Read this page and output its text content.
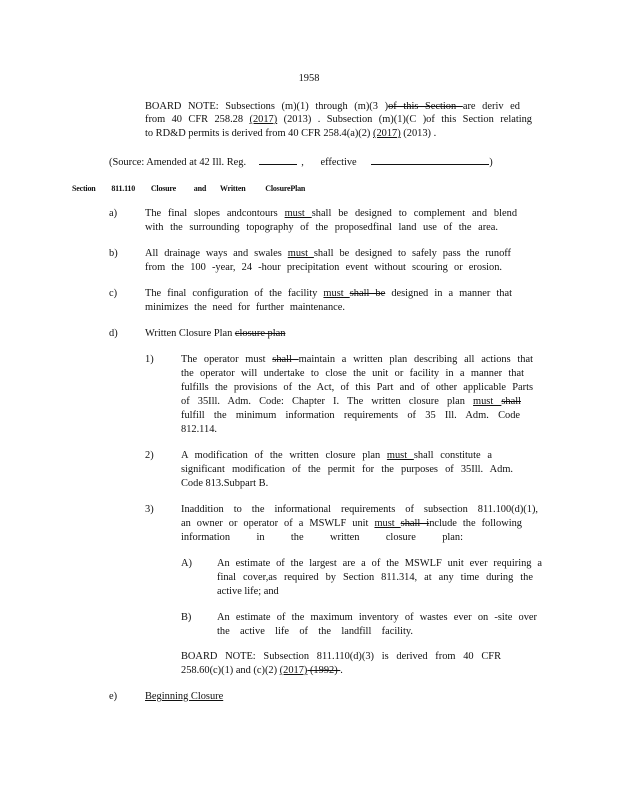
1958
BOARD NOTE: Subsections (m)(1) through (m)(3 )of this Section are deriv ed
from 40 CFR 258.28 (2017) (2013) . Subsection (m)(1)(C )of this Section relating
to RD&D permits is derived from 40 CFR 258.4(a)(2) (2017) (2013) .
(Source: Amended at 42 Ill. Reg.	, effective	)
Section 811.110 Closure and Written ClosurePlan
a)	The final slopes andcontours must shall be designed to complement and blend
with the surrounding topography of the proposedfinal land use of the area.
b)	All drainage ways and swales must shall be designed to safely pass the runoff
from the 100 -year, 24 -hour precipitation event without scouring or erosion.
c)	The final configuration of the facility must shall be designed in a manner that
minimizes the need for further maintenance.
d)	Written Closure Plan closure plan
1)	The operator must shall maintain a written plan describing all actions that
the operator will undertake to close the unit or facility in a manner that
fulfills the provisions of the Act, of this Part and of other applicable Parts
of 35Ill. Adm. Code: Chapter I. The written closure plan must shall
fulfill the minimum information requirements of 35 Ill. Adm. Code
812.114.
2)	A modification of the written closure plan must shall constitute a
significant modification of the permit for the purposes of 35Ill. Adm.
Code 813.Subpart B.
3)	Inaddition to the informational requirements of subsection 811.100(d)(1),
an owner or operator of a MSWLF unit must shall include the following
information in the written closure plan:
A) An estimate of the largest are a of the MSWLF unit ever requiring a
final cover,as required by Section 811.314, at any time during the
active life; and
B) An estimate of the maximum inventory of wastes ever on -site over
the active life of the landfill facility.
BOARD NOTE: Subsection 811.110(d)(3) is derived from 40 CFR
258.60(c)(1) and (c)(2) (2017) (1992) .
e)	Beginning Closure
